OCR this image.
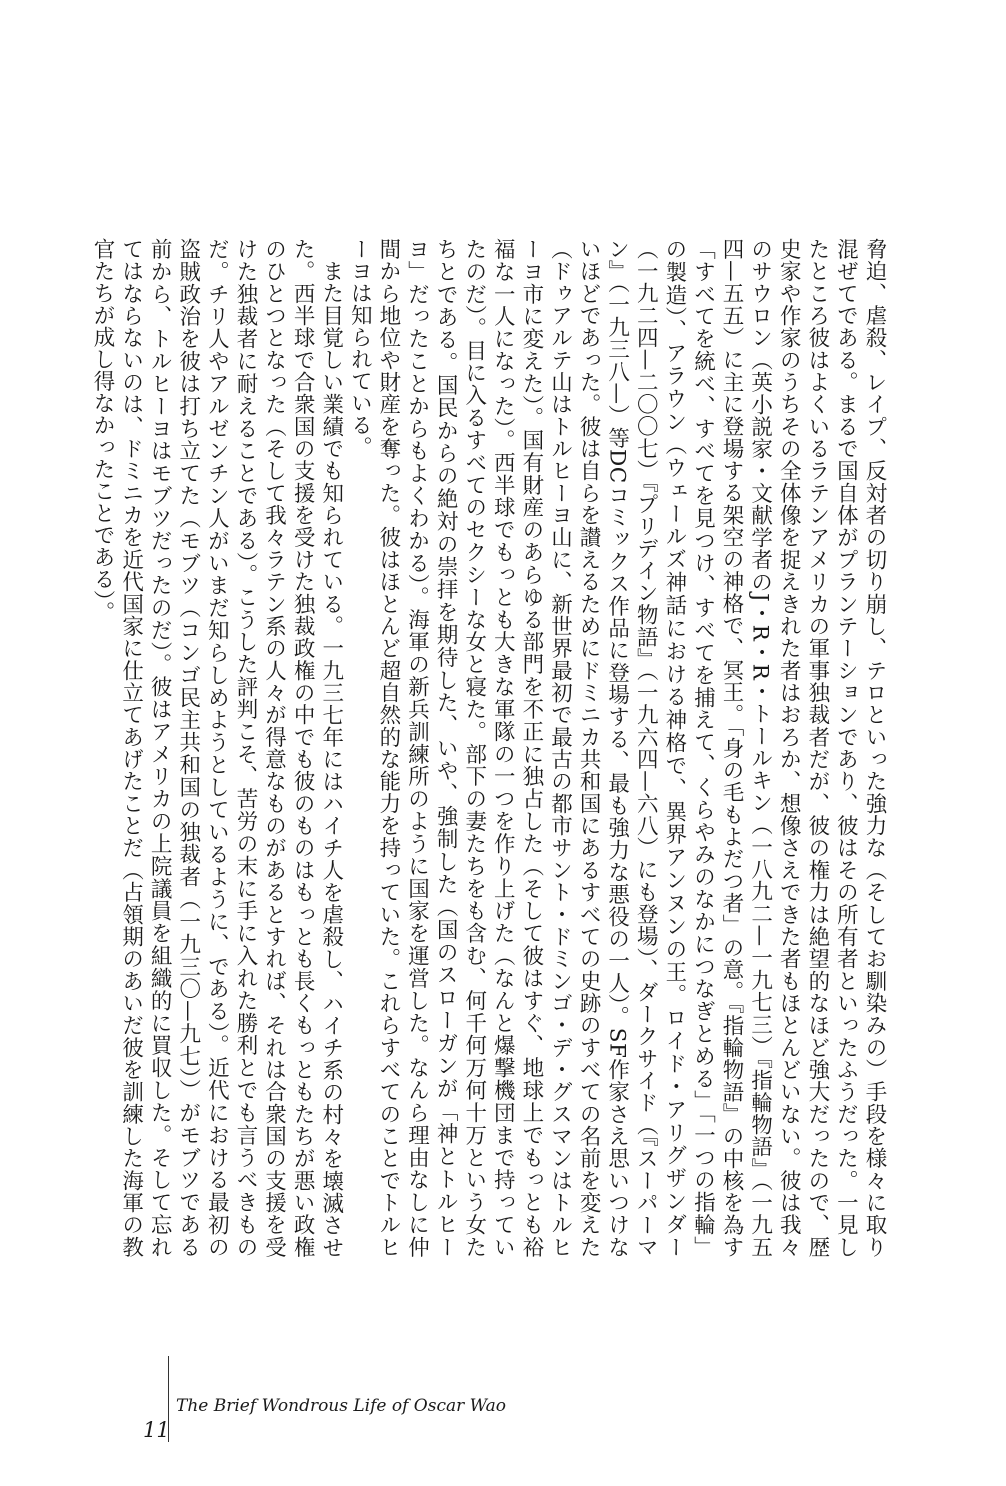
脅迫、虐殺、レイプ、反対者の切り崩し、テロといった強力な（そしてお馴染みの）手段を様々に取り混ぜてである。まるで国自体がプランテーションであり、彼はその所有者といったふうだった。一見したところ彼はよくいるラテンアメリカの軍事独裁者だが、彼の権力は絶望的なほど強大だったので、歴史家や作家のうちその全体像を捉えきれた者はおろか、想像さえできた者もほとんどいない。彼は我々のサウロン（英小説家・文献学者のJ・R・R・トールキン（一八九二—一九七三）『指輪物語』（一九五四—五五）に主に登場する架空の神格で、冥王。「身の毛もよだつ者」の意。『指輪物語』の中核を為す「すべてを統べ、すべてを見つけ、すべてを捕えて、くらやみのなかにつなぎとめる」「一つの指輪」の製造）、アラウン（ウェールズ神話における神格で、異界アンヌンの王。ロイド・アリグザンダー（一九二四—二〇〇七）『プリデイン物語』（一九六四—六八）にも登場）、ダークサイド（『スーパーマン』（一九三八—）等DCコミックス作品に登場する、最も強力な悪役の一人）。SF作家さえ思いつけないほどであった。彼は自らを讃えるためにドミニカ共和国にあるすべての史跡のすべての名前を変えた（ドゥアルテ山はトルヒーヨ山に、新世界最初で最古の都市サント・ドミンゴ・デ・グスマンはトルヒーヨ市に変えた）。国有財産のあらゆる部門を不正に独占した（そして彼はすぐ、地球上でもっとも裕福な一人になった）。西半球でもっとも大きな軍隊の一つを作り上げた（なんと爆撃機団まで持っていたのだ）。目に入るすべてのセクシーな女と寝た。部下の妻たちをも含む、何千何万何十万という女たちとである。国民からの絶対の崇拝を期待した、いや、強制した（国のスローガンが「神とトルヒーヨ」だったことからもよくわかる）。海軍の新兵訓練所のように国家を運営した。なんら理由なしに仲間から地位や財産を奪った。彼はほとんど超自然的な能力を持っていた。これらすべてのことでトルヒーヨは知られている。

また目覚しい業績でも知られている。一九三七年にはハイチ人を虐殺し、ハイチ系の村々を壊滅させた。西半球で合衆国の支援を受けた独裁政権の中でも彼のものはもっとも長くもっともたちが悪い政権のひとつとなった（そして我々ラテン系の人々が得意なものがあるとすれば、それは合衆国の支援を受けた独裁者に耐えることである）。こうした評判こそ、苦労の末に手に入れた勝利とでも言うべきものだ。チリ人やアルゼンチン人がいまだ知らしめようとしているように、である）。近代における最初の盗賊政治を彼は打ち立てた（モブツ（コンゴ民主共和国の独裁者（一九三〇—九七））がモブツである前から、トルヒーヨはモブツだったのだ）。彼はアメリカの上院議員を組織的に買収した。そして忘れてはならないのは、ドミニカを近代国家に仕立てあげたことだ（占領期のあいだ彼を訓練した海軍の教官たちが成し得なかったことである）。

11
The Brief Wondrous Life of Oscar Wao
